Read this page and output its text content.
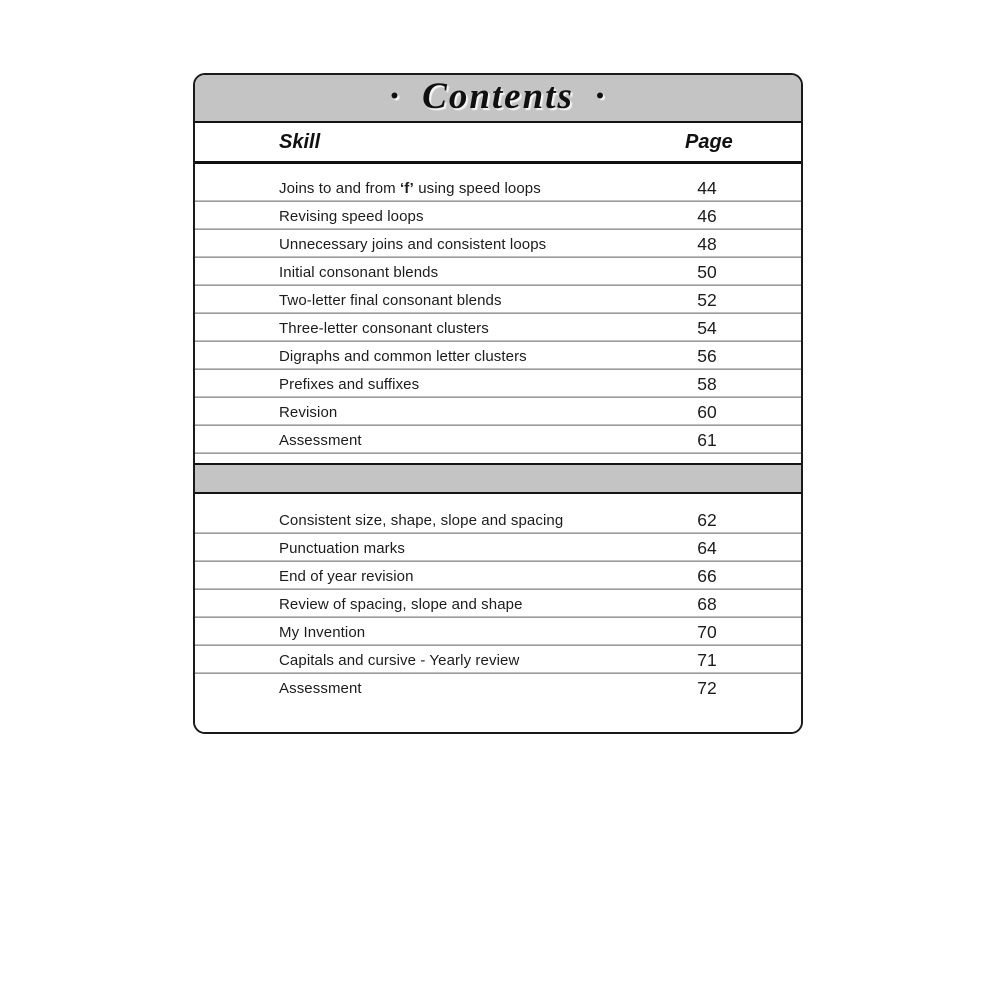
· Contents ·
Skill	Page
Joins to and from ‘f’ using speed loops	44
Revising speed loops	46
Unnecessary joins and consistent loops	48
Initial consonant blends	50
Two-letter final consonant blends	52
Three-letter consonant clusters	54
Digraphs and common letter clusters	56
Prefixes and suffixes	58
Revision	60
Assessment	61
Consistent size, shape, slope and spacing	62
Punctuation marks	64
End of year revision	66
Review of spacing, slope and shape	68
My Invention	70
Capitals and cursive - Yearly review	71
Assessment	72
